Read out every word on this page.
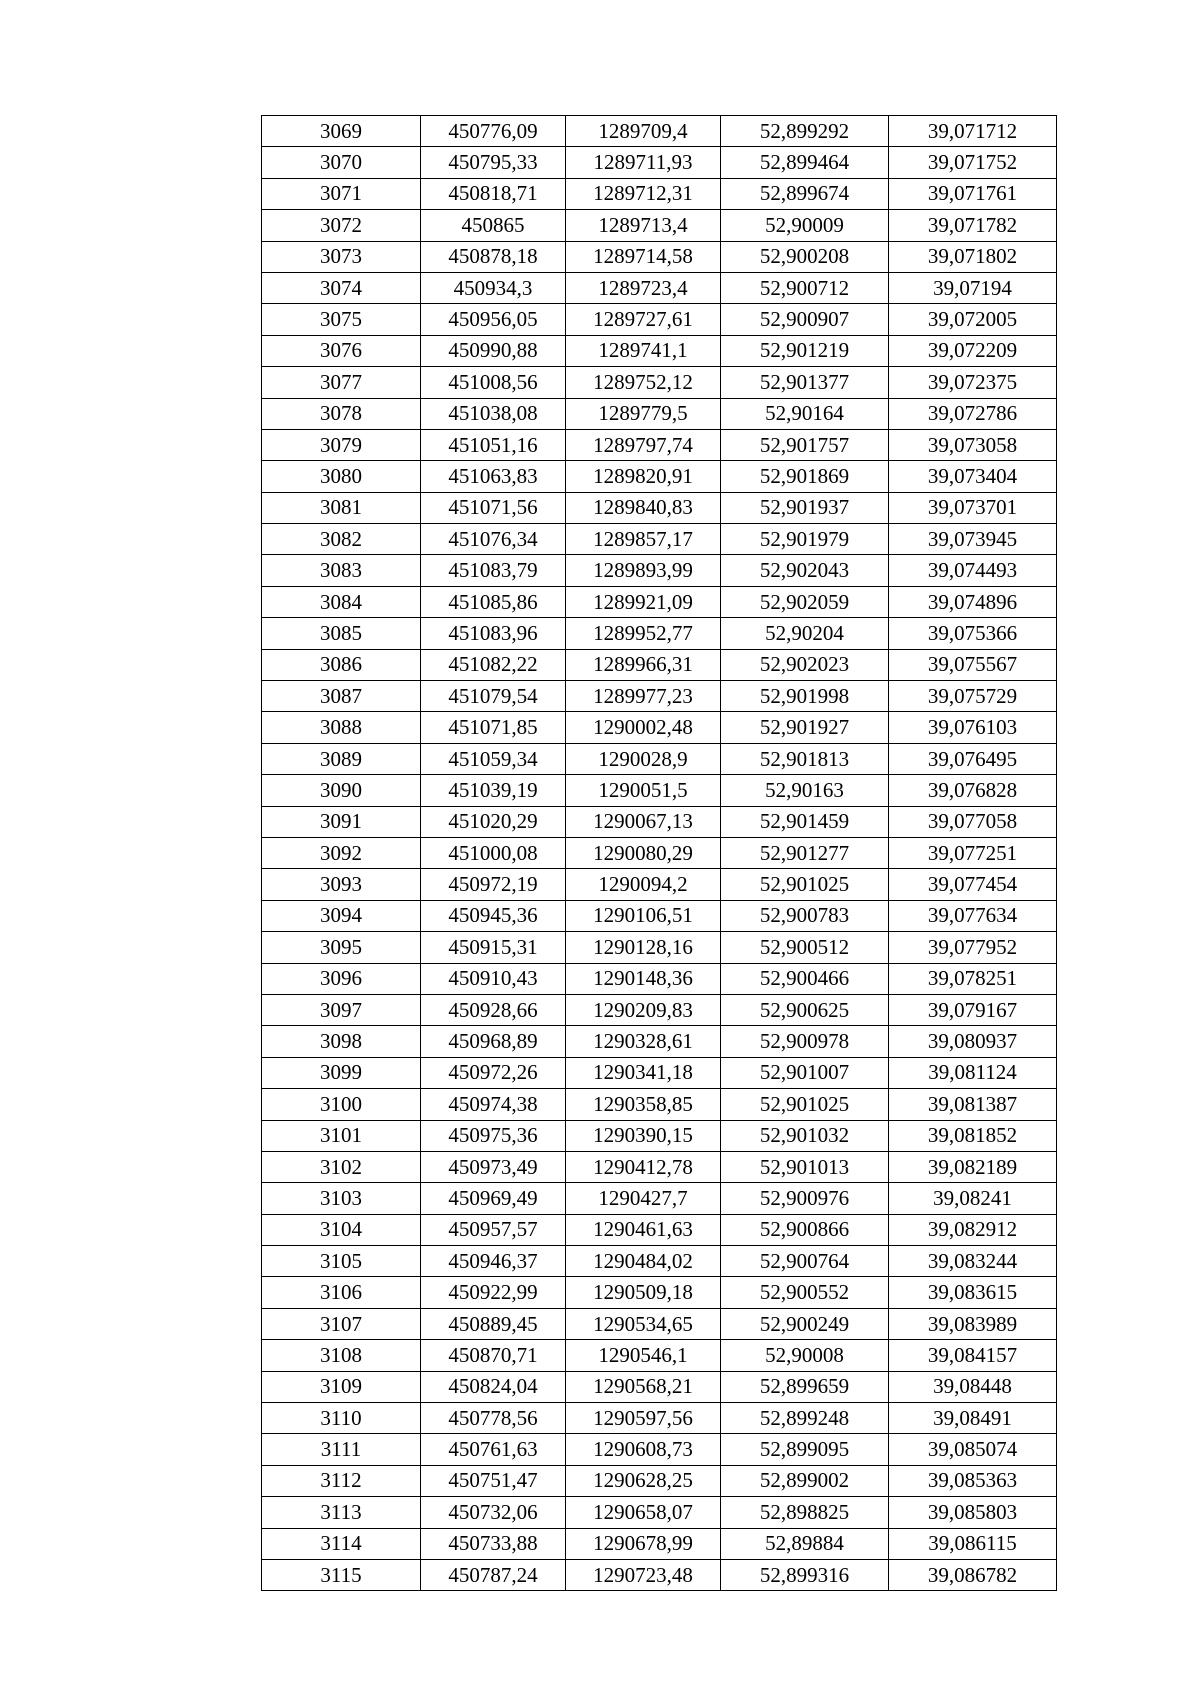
3069	450776,09	1289709,4	52,899292	39,071712
3070	450795,33	1289711,93	52,899464	39,071752
3071	450818,71	1289712,31	52,899674	39,071761
3072	450865	1289713,4	52,90009	39,071782
3073	450878,18	1289714,58	52,900208	39,071802
3074	450934,3	1289723,4	52,900712	39,07194
3075	450956,05	1289727,61	52,900907	39,072005
3076	450990,88	1289741,1	52,901219	39,072209
3077	451008,56	1289752,12	52,901377	39,072375
3078	451038,08	1289779,5	52,90164	39,072786
3079	451051,16	1289797,74	52,901757	39,073058
3080	451063,83	1289820,91	52,901869	39,073404
3081	451071,56	1289840,83	52,901937	39,073701
3082	451076,34	1289857,17	52,901979	39,073945
3083	451083,79	1289893,99	52,902043	39,074493
3084	451085,86	1289921,09	52,902059	39,074896
3085	451083,96	1289952,77	52,90204	39,075366
3086	451082,22	1289966,31	52,902023	39,075567
3087	451079,54	1289977,23	52,901998	39,075729
3088	451071,85	1290002,48	52,901927	39,076103
3089	451059,34	1290028,9	52,901813	39,076495
3090	451039,19	1290051,5	52,90163	39,076828
3091	451020,29	1290067,13	52,901459	39,077058
3092	451000,08	1290080,29	52,901277	39,077251
3093	450972,19	1290094,2	52,901025	39,077454
3094	450945,36	1290106,51	52,900783	39,077634
3095	450915,31	1290128,16	52,900512	39,077952
3096	450910,43	1290148,36	52,900466	39,078251
3097	450928,66	1290209,83	52,900625	39,079167
3098	450968,89	1290328,61	52,900978	39,080937
3099	450972,26	1290341,18	52,901007	39,081124
3100	450974,38	1290358,85	52,901025	39,081387
3101	450975,36	1290390,15	52,901032	39,081852
3102	450973,49	1290412,78	52,901013	39,082189
3103	450969,49	1290427,7	52,900976	39,08241
3104	450957,57	1290461,63	52,900866	39,082912
3105	450946,37	1290484,02	52,900764	39,083244
3106	450922,99	1290509,18	52,900552	39,083615
3107	450889,45	1290534,65	52,900249	39,083989
3108	450870,71	1290546,1	52,90008	39,084157
3109	450824,04	1290568,21	52,899659	39,08448
3110	450778,56	1290597,56	52,899248	39,08491
3111	450761,63	1290608,73	52,899095	39,085074
3112	450751,47	1290628,25	52,899002	39,085363
3113	450732,06	1290658,07	52,898825	39,085803
3114	450733,88	1290678,99	52,89884	39,086115
3115	450787,24	1290723,48	52,899316	39,086782
